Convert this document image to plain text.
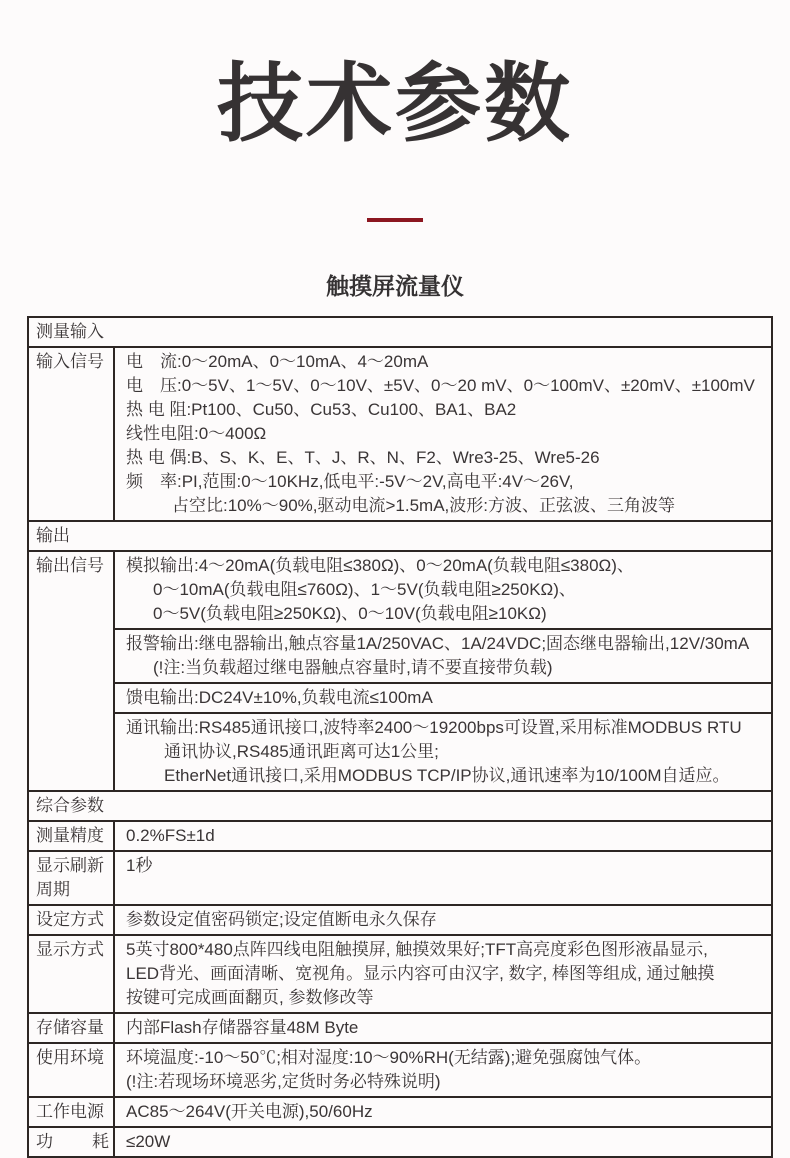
技术参数
触摸屏流量仪
测量输入	
输入信号	电　流:0～20mA、0～10mA、4～20mA
电　压:0～5V、1～5V、0～10V、±5V、0～20 mV、0～100mV、±20mV、±100mV
热 电 阻:Pt100、Cu50、Cu53、Cu100、BA1、BA2
线性电阻:0～400Ω
热 电 偶:B、S、K、E、T、J、R、N、F2、Wre3-25、Wre5-26
频　率:PI,范围:0～10KHz,低电平:-5V～2V,高电平:4V～26V,
占空比:10%～90%,驱动电流>1.5mA,波形:方波、正弦波、三角波等

输出	
输出信号	模拟输出:4～20mA(负载电阻≤380Ω)、0～20mA(负载电阻≤380Ω)、
0～10mA(负载电阻≤760Ω)、1～5V(负载电阻≥250KΩ)、
0～5V(负载电阻≥250KΩ)、0～10V(负载电阻≥10KΩ)
报警输出:继电器输出,触点容量1A/250VAC、1A/24VDC;固态继电器输出,12V/30mA
(!注:当负载超过继电器触点容量时,请不要直接带负载)
馈电输出:DC24V±10%,负载电流≤100mA
通讯输出:RS485通讯接口,波特率2400～19200bps可设置,采用标准MODBUS RTU
通讯协议,RS485通讯距离可达1公里;
EtherNet通讯接口,采用MODBUS TCP/IP协议,通讯速率为10/100M自适应。

综合参数	
测量精度	0.2%FS±1d
显示刷新周期	1秒
设定方式	参数设定值密码锁定;设定值断电永久保存
显示方式	5英寸800*480点阵四线电阻触摸屏, 触摸效果好;TFT高亮度彩色图形液晶显示,
LED背光、画面清晰、宽视角。显示内容可由汉字, 数字, 棒图等组成, 通过触摸
按键可完成画面翻页, 参数修改等

存储容量	内部Flash存储器容量48M Byte
使用环境	环境温度:-10～50℃;相对湿度:10～90%RH(无结露);避免强腐蚀气体。
(!注:若现场环境恶劣,定货时务必特殊说明)

工作电源	AC85～264V(开关电源),50/60Hz
功耗	≤20W
